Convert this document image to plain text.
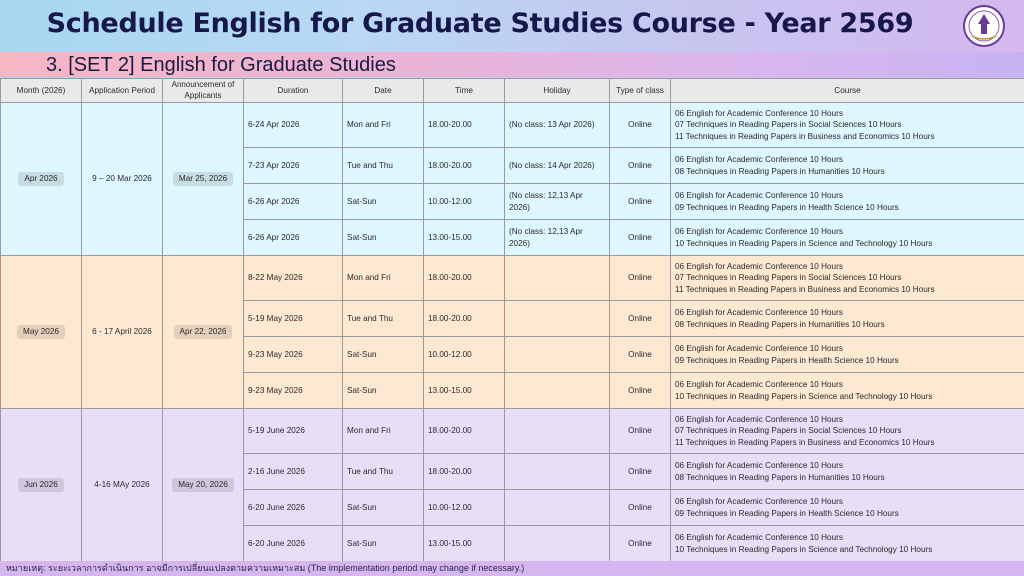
Schedule English for Graduate Studies Course - Year 2569
3. [SET 2] English for Graduate Studies
Month (2026)	Application Period	Announcement of Applicants	Duration	Date	Time	Holiday	Type of class	Course
Apr 2026	9 – 20 Mar 2026	Mar 25, 2026	6-24 Apr 2026	Mon and Fri	18.00-20.00	(No class: 13 Apr 2026)	Online	06 English for Academic Conference 10 Hours
07 Techniques in Reading Papers in Social Sciences 10 Hours
11 Techniques in Reading Papers in Business and Economics 10 Hours

			7-23 Apr 2026	Tue and Thu	18.00-20.00	(No class: 14 Apr 2026)	Online	06 English for Academic Conference 10 Hours
08 Techniques in Reading Papers in Humanities 10 Hours

			6-26 Apr 2026	Sat-Sun	10.00-12.00	(No class: 12,13 Apr 2026)	Online	06 English for Academic Conference 10 Hours
09 Techniques in Reading Papers in Health Science 10 Hours

			6-26 Apr 2026	Sat-Sun	13.00-15.00	(No class: 12,13 Apr 2026)	Online	06 English for Academic Conference 10 Hours
10 Techniques in Reading Papers in Science and Technology 10 Hours

May 2026	6 - 17 April 2026	Apr 22, 2026	8-22 May 2026	Mon and Fri	18.00-20.00		Online	06 English for Academic Conference 10 Hours
07 Techniques in Reading Papers in Social Sciences 10 Hours
11 Techniques in Reading Papers in Business and Economics 10 Hours

			5-19 May 2026	Tue and Thu	18.00-20.00		Online	06 English for Academic Conference 10 Hours
08 Techniques in Reading Papers in Humanities 10 Hours

			9-23 May 2026	Sat-Sun	10.00-12.00		Online	06 English for Academic Conference 10 Hours
09 Techniques in Reading Papers in Health Science 10 Hours

			9-23 May 2026	Sat-Sun	13.00-15.00		Online	06 English for Academic Conference 10 Hours
10 Techniques in Reading Papers in Science and Technology 10 Hours

Jun 2026	4-16 MAy 2026	May 20, 2026	5-19 June 2026	Mon and Fri	18.00-20.00		Online	06 English for Academic Conference 10 Hours
07 Techniques in Reading Papers in Social Sciences 10 Hours
11 Techniques in Reading Papers in Business and Economics 10 Hours

			2-16 June 2026	Tue and Thu	18.00-20.00		Online	06 English for Academic Conference 10 Hours
08 Techniques in Reading Papers in Humanities 10 Hours

			6-20 June 2026	Sat-Sun	10.00-12.00		Online	06 English for Academic Conference 10 Hours
09 Techniques in Reading Papers in Health Science 10 Hours

			6-20 June 2026	Sat-Sun	13.00-15.00		Online	06 English for Academic Conference 10 Hours
10 Techniques in Reading Papers in Science and Technology 10 Hours
หมายเหตุ: ระยะเวลาการดำเนินการ อาจมีการเปลี่ยนแปลงตามความเหมาะสม (The implementation period may change if necessary.)
